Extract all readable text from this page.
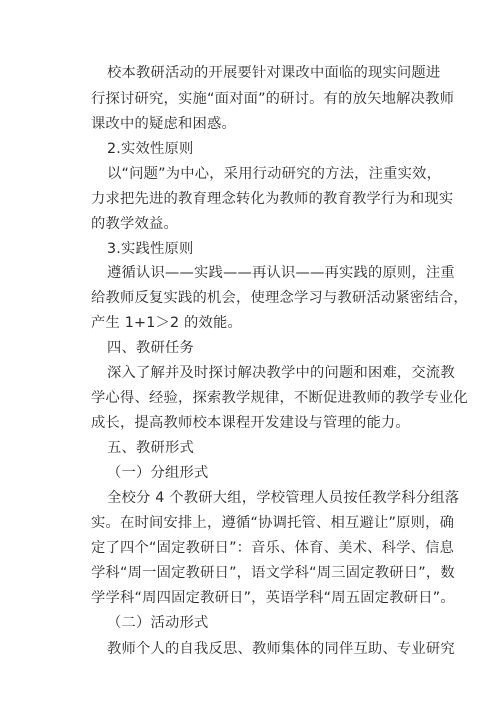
校本教研活动的开展要针对课改中面临的现实问题进
行探讨研究，实施“面对面”的研讨。有的放矢地解决教师
课改中的疑虑和困惑。
2.实效性原则
以“问题”为中心，采用行动研究的方法，注重实效，
力求把先进的教育理念转化为教师的教育教学行为和现实
的教学效益。
3.实践性原则
遵循认识——实践——再认识——再实践的原则，注重
给教师反复实践的机会，使理念学习与教研活动紧密结合，
产生 1+1＞2 的效能。
四、教研任务
深入了解并及时探讨解决教学中的问题和困难，交流教
学心得、经验，探索教学规律，不断促进教师的教学专业化
成长，提高教师校本课程开发建设与管理的能力。
五、教研形式
（一）分组形式
全校分 4 个教研大组，学校管理人员按任教学科分组落
实。在时间安排上，遵循“协调托管、相互避让”原则，确
定了四个“固定教研日”：音乐、体育、美术、科学、信息
学科“周一固定教研日”，语文学科“周三固定教研日”，数
学学科“周四固定教研日”，英语学科“周五固定教研日”。
（二）活动形式
教师个人的自我反思、教师集体的同伴互助、专业研究
